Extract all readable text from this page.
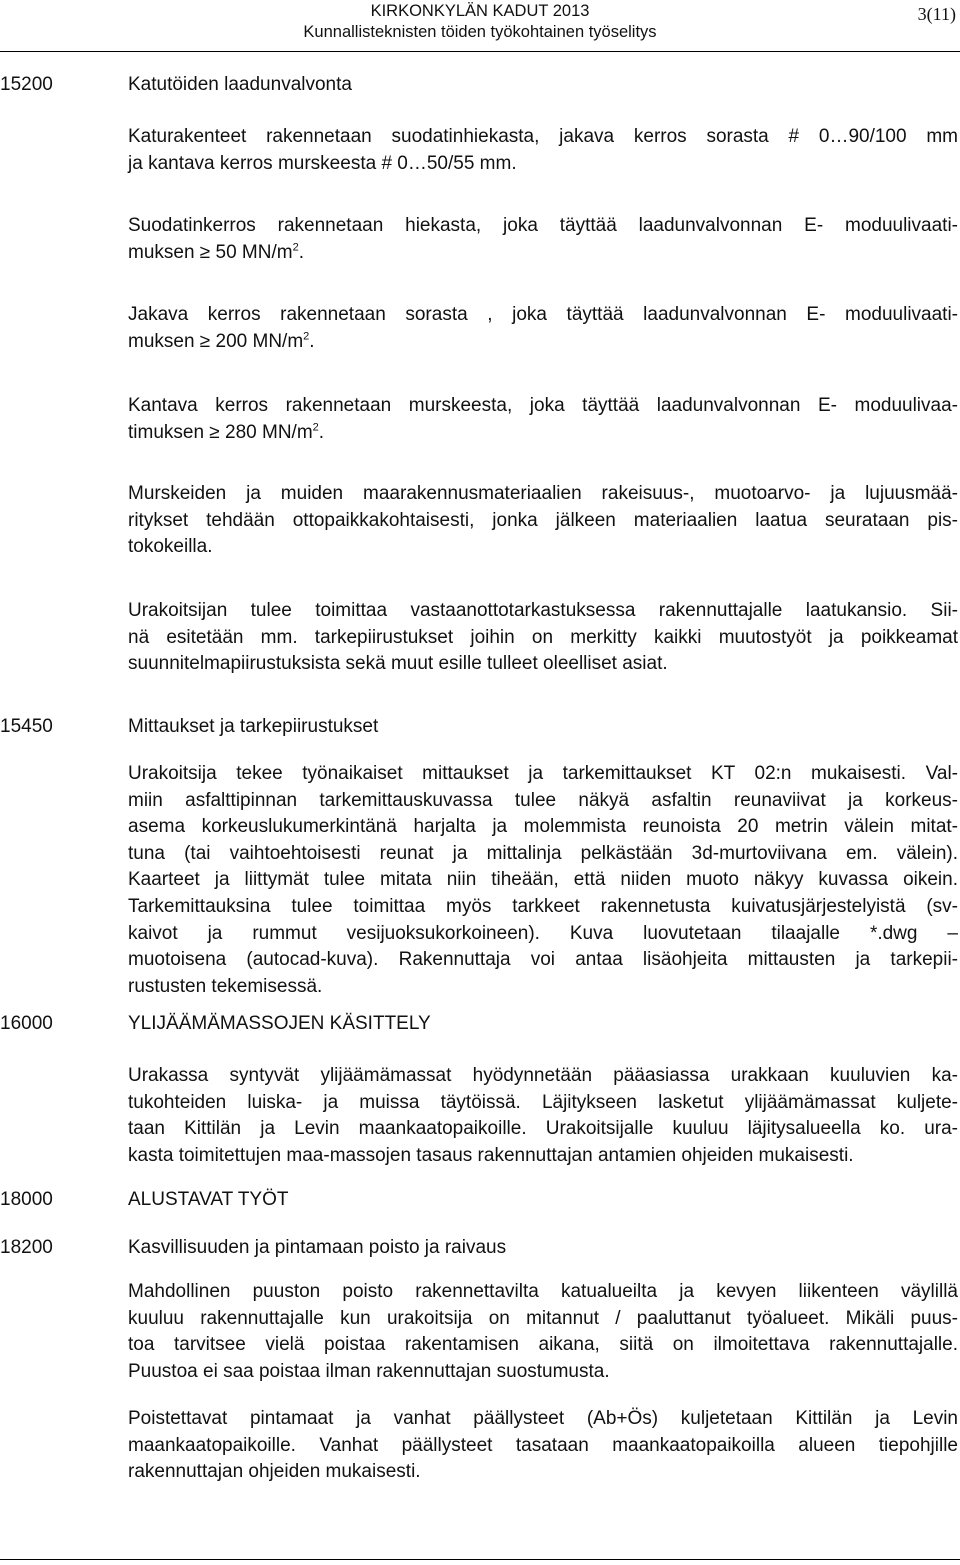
KIRKONKYLÄN KADUT 2013
Kunnallisteknisten töiden työkohtainen työselitys
3(11)
15200	Katutöiden laadunvalvonta
Katurakenteet rakennetaan suodatinhiekasta, jakava kerros sorasta # 0…90/100 mm
ja kantava kerros murskeesta # 0…50/55 mm.
Suodatinkerros rakennetaan hiekasta, joka täyttää laadunvalvonnan E- moduulivaati-
muksen ≥ 50 $MN/m^2$.
Jakava kerros rakennetaan sorasta , joka täyttää laadunvalvonnan E- moduulivaati-
muksen ≥ 200 $MN/m^2$.
Kantava kerros rakennetaan murskeesta, joka täyttää laadunvalvonnan E- moduulivaa-
timuksen ≥ 280 $MN/m^2$.
Murskeiden ja muiden maarakennusmateriaalien rakeisuus-, muotoarvo- ja lujuusmää-
ritykset tehdään ottopaikkakohtaisesti, jonka jälkeen materiaalien laatua seurataan pis-
tokokeilla.
Urakoitsijan tulee toimittaa vastaanottotarkastuksessa rakennuttajalle laatukansio. Sii-
nä esitetään mm. tarkepiirustukset joihin on merkitty kaikki muutostyöt ja poikkeamat
suunnitelmapiirustuksista sekä muut esille tulleet oleelliset asiat.
15450	Mittaukset ja tarkepiirustukset
Urakoitsija tekee työnaikaiset mittaukset ja tarkemittaukset KT 02:n mukaisesti. Val-
miin asfalttipinnan tarkemittauskuvassa tulee näkyä asfaltin reunaviivat ja korkeus-
asema korkeuslukumerkintänä harjalta ja molemmista reunoista 20 metrin välein mitat-
tuna (tai vaihtoehtoisesti reunat ja mittalinja pelkästään 3d-murtoviivana em. välein).
Kaarteet ja liittymät tulee mitata niin tiheään, että niiden muoto näkyy kuvassa oikein.
Tarkemittauksina tulee toimittaa myös tarkkeet rakennetusta kuivatusjärjestelyistä (sv-
kaivot ja rummut vesijuoksukorkoineen). Kuva luovutetaan tilaajalle *.dwg –
muotoisena (autocad-kuva). Rakennuttaja voi antaa lisäohjeita mittausten ja tarkepii-
rustusten tekemisessä.
16000	YLIJÄÄMÄMASSOJEN KÄSITTELY
Urakassa syntyvät ylijäämämassat hyödynnetään pääasiassa urakkaan kuuluvien ka-
tukohteiden luiska- ja muissa täytöissä. Läjitykseen lasketut ylijäämämassat kuljete-
taan Kittilän ja Levin maankaatopaikoille. Urakoitsijalle kuuluu läjitysalueella ko. ura-
kasta toimitettujen maa-massojen tasaus rakennuttajan antamien ohjeiden mukaisesti.
18000	ALUSTAVAT TYÖT
18200	Kasvillisuuden ja pintamaan poisto ja raivaus
Mahdollinen puuston poisto rakennettavilta katualueilta ja kevyen liikenteen väylillä
kuuluu rakennuttajalle kun urakoitsija on mitannut / paaluttanut työalueet. Mikäli puus-
toa tarvitsee vielä poistaa rakentamisen aikana, siitä on ilmoitettava rakennuttajalle.
Puustoa ei saa poistaa ilman rakennuttajan suostumusta.
Poistettavat pintamaat ja vanhat päällysteet (Ab+Ös) kuljetetaan Kittilän ja Levin
maankaatopaikoille. Vanhat päällysteet tasataan maankaatopaikoilla alueen tiepohjille
rakennuttajan ohjeiden mukaisesti.
